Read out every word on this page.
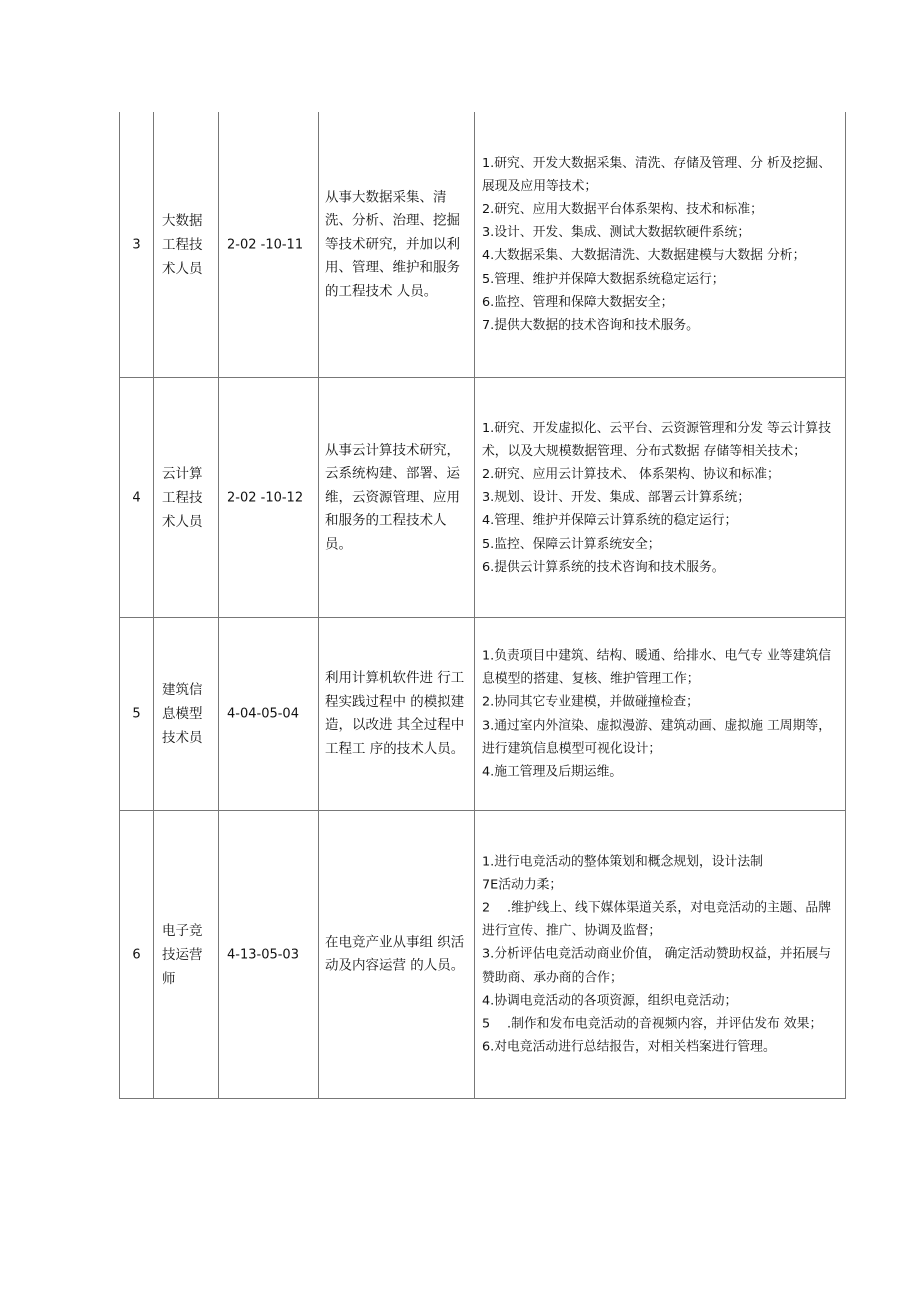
3
大数据工程技 术人员
2-02 -10-11
从事大数据采集、清洗、分析、治理、挖掘等技术研究，并加以利用、管理、维护和服务的工程技术 人员。
1.研究、开发大数据采集、清洗、存储及管理、分 析及挖掘、展现及应用等技术；
2.研究、应用大数据平台体系架构、技术和标准；
3.设计、开发、集成、测试大数据软硬件系统；
4.大数据采集、大数据清洗、大数据建模与大数据 分析；
5.管理、维护并保障大数据系统稳定运行；
6.监控、管理和保障大数据安全；
7.提供大数据的技术咨询和技术服务。
4
云计算工程技 术人员
2-02 -10-12
从事云计算技术研究，云系统构建、部署、运维，云资源管理、应用和服务的工程技术人员。
1.研究、开发虚拟化、云平台、云资源管理和分发 等云计算技术，以及大规模数据管理、分布式数据 存储等相关技术；
2.研究、应用云计算技术、 体系架构、协议和标准；
3.规划、设计、开发、集成、部署云计算系统；
4.管理、维护并保障云计算系统的稳定运行；
5.监控、保障云计算系统安全；
6.提供云计算系统的技术咨询和技术服务。
5
建筑信息模型 技术员
4-04-05-04
利用计算机软件进 行工程实践过程中 的模拟建造，以改进 其全过程中工程工 序的技术人员。
1.负责项目中建筑、结构、暖通、给排水、电气专 业等建筑信息模型的搭建、复核、维护管理工作；
2.协同其它专业建模，并做碰撞检查；
3.通过室内外渲染、虚拟漫游、建筑动画、虚拟施 工周期等，进行建筑信息模型可视化设计；
4.施工管理及后期运维。
6
电子竞技运营 师
4-13-05-03
在电竞产业从事组 织活动及内容运营 的人员。
1.进行电竞活动的整体策划和概念规划，设计法制
7E活动力柔；
2　 .维护线上、线下媒体渠道关系，对电竞活动的主题、品牌进行宣传、推广、协调及监督；
3.分析评估电竞活动商业价值， 确定活动赞助权益，并拓展与赞助商、承办商的合作；
4.协调电竞活动的各项资源，组织电竞活动；
5　 .制作和发布电竞活动的音视频内容，并评估发布 效果；
6.对电竞活动进行总结报告，对相关档案进行管理。
